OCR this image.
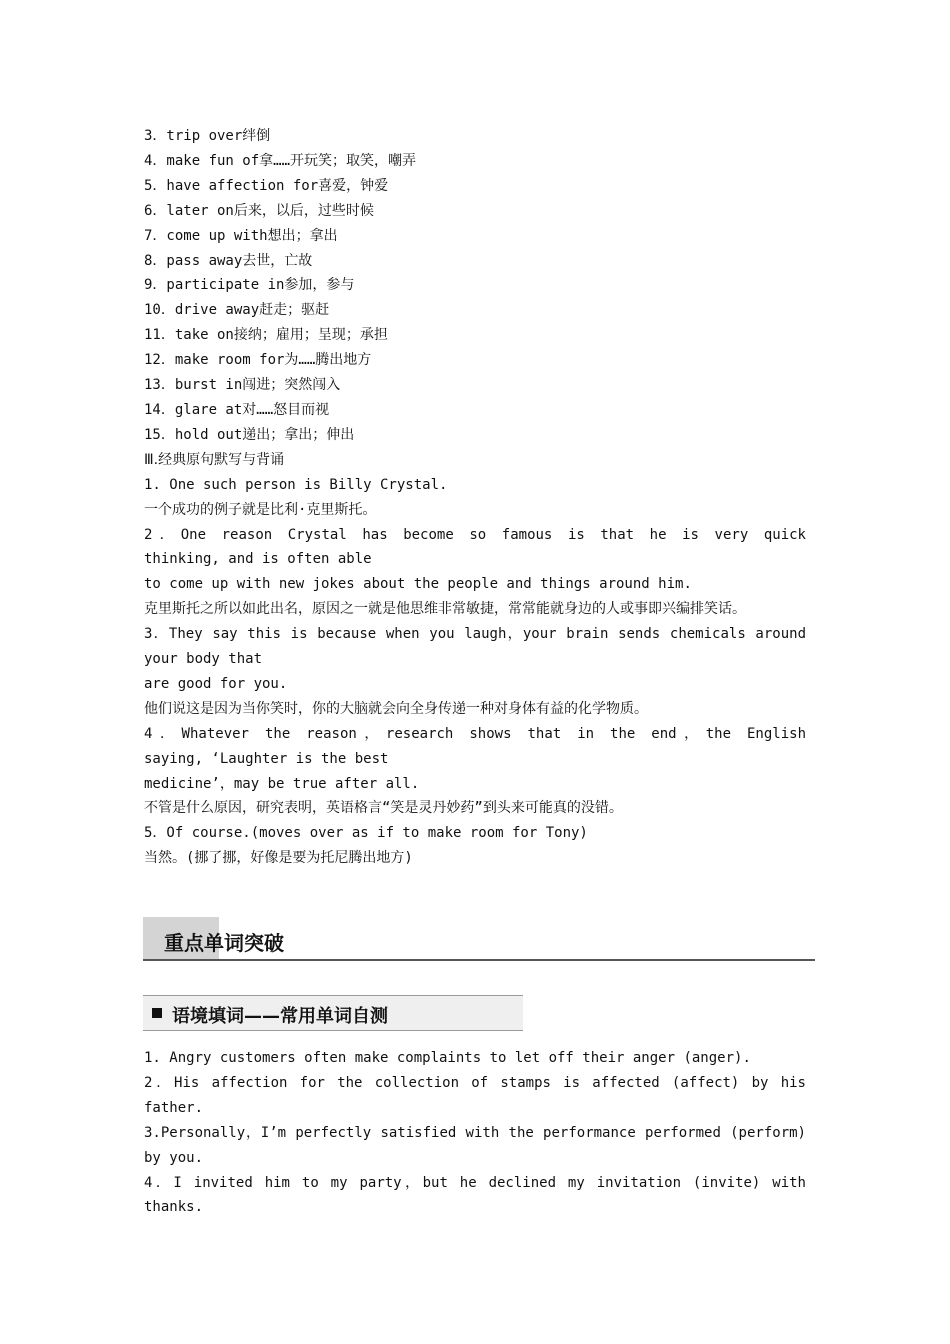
3．trip over绊倒
4．make fun of拿……开玩笑；取笑，嘲弄
5．have affection for喜爱，钟爱
6．later on后来，以后，过些时候
7．come up with想出；拿出
8．pass away去世，亡故
9．participate in参加，参与
10．drive away赶走；驱赶
11．take on接纳；雇用；呈现；承担
12．make room for为……腾出地方
13．burst in闯进；突然闯入
14．glare at对……怒目而视
15．hold out递出；拿出；伸出
Ⅲ.经典原句默写与背诵
1. One such person is Billy Crystal.
一个成功的例子就是比利·克里斯托。
2．One reason Crystal has become so famous is that he is very quick
thinking, and is often able
to come up with new jokes about the people and things around him.
克里斯托之所以如此出名，原因之一就是他思维非常敏捷，常常能就身边的人或事即兴编排笑话。
3．They say this is because when you laugh，your brain sends chemicals around
your body that
are good for you.
他们说这是因为当你笑时，你的大脑就会向全身传递一种对身体有益的化学物质。
4．Whatever the reason，research shows that in the end，the English
saying, ‘Laughter is the best
medicine’，may be true after all.
不管是什么原因，研究表明，英语格言“笑是灵丹妙药”到头来可能真的没错。
5．Of course.(moves over as if to make room for Tony)
当然。(挪了挪，好像是要为托尼腾出地方)
重点单词突破
语境填词——常用单词自测
1. Angry customers often make complaints to let off their anger (anger).
2．His affection for the collection of stamps is affected (affect) by his
father.
3.Personally，I’m perfectly satisfied with the performance performed (perform)
by you.
4．I invited him to my party，but he declined my invitation (invite) with
thanks.
